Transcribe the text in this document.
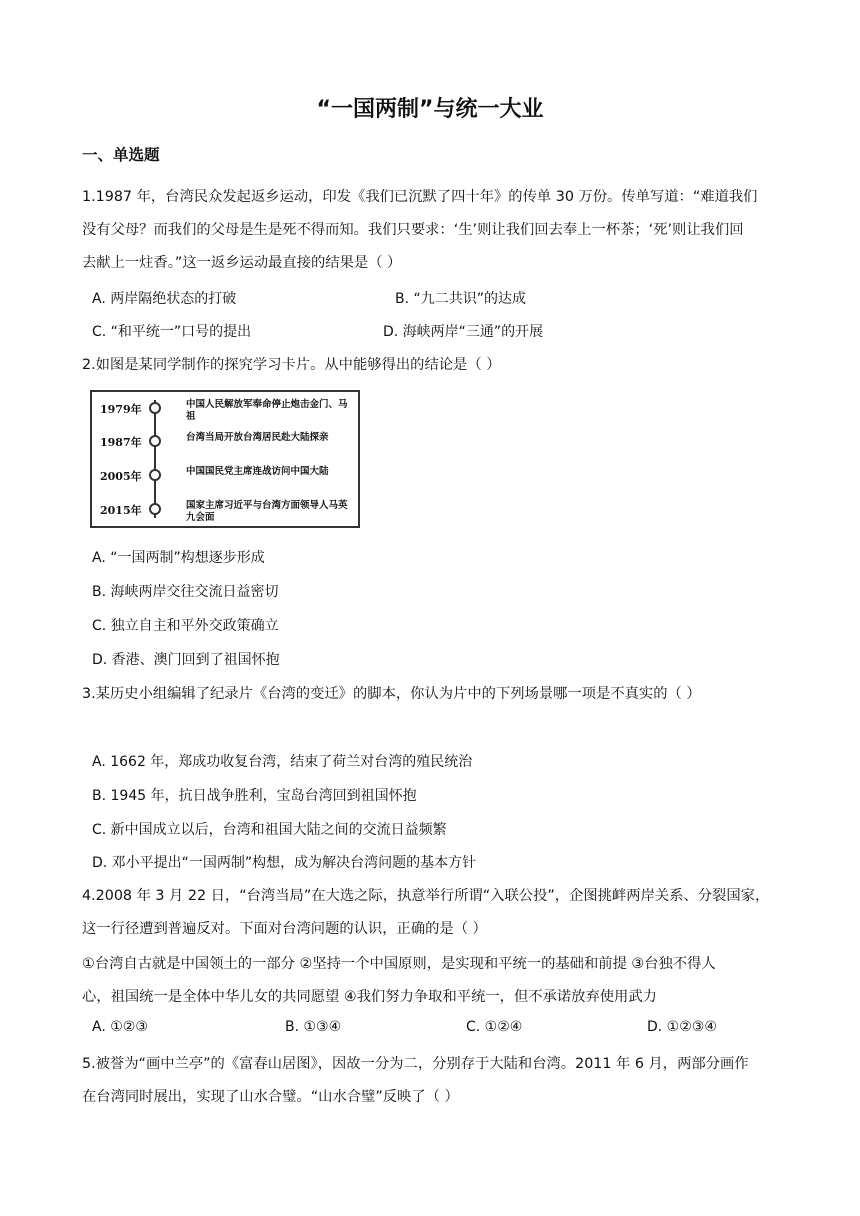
“一国两制”与统一大业
一、单选题
1.1987 年，台湾民众发起返乡运动，印发《我们已沉默了四十年》的传单 30 万份。传单写道：“难道我们
没有父母？而我们的父母是生是死不得而知。我们只要求：‘生’则让我们回去奉上一杯茶；‘死’则让我们回
去献上一炷香。”这一返乡运动最直接的结果是（ ）
A. 两岸隔绝状态的打破	B. “九二共识”的达成
C. “和平统一”口号的提出	D. 海峡两岸“三通”的开展
2.如图是某同学制作的探究学习卡片。从中能够得出的结论是（ ）
1979年	中国人民解放军奉命停止炮击金门、马祖
1987年	台湾当局开放台湾居民赴大陆探亲
2005年	中国国民党主席连战访问中国大陆
2015年	国家主席习近平与台湾方面领导人马英九会面
A. “一国两制”构想逐步形成
B. 海峡两岸交往交流日益密切
C. 独立自主和平外交政策确立
D. 香港、澳门回到了祖国怀抱
3.某历史小组编辑了纪录片《台湾的变迁》的脚本，你认为片中的下列场景哪一项是不真实的（ ）
A. 1662 年，郑成功收复台湾，结束了荷兰对台湾的殖民统治
B. 1945 年，抗日战争胜利，宝岛台湾回到祖国怀抱
C. 新中国成立以后，台湾和祖国大陆之间的交流日益频繁
D. 邓小平提出“一国两制”构想，成为解决台湾问题的基本方针
4.2008 年 3 月 22 日，“台湾当局”在大选之际，执意举行所谓“入联公投”，企图挑衅两岸关系、分裂国家，
这一行径遭到普遍反对。下面对台湾问题的认识，正确的是（ ）
①台湾自古就是中国领土的一部分 ②坚持一个中国原则，是实现和平统一的基础和前提 ③台独不得人
心，祖国统一是全体中华儿女的共同愿望 ④我们努力争取和平统一，但不承诺放弃使用武力
A. ①②③	B. ①③④	C. ①②④	D. ①②③④
5.被誉为“画中兰亭”的《富春山居图》，因故一分为二，分别存于大陆和台湾。2011 年 6 月，两部分画作
在台湾同时展出，实现了山水合璧。“山水合璧”反映了（ ）
